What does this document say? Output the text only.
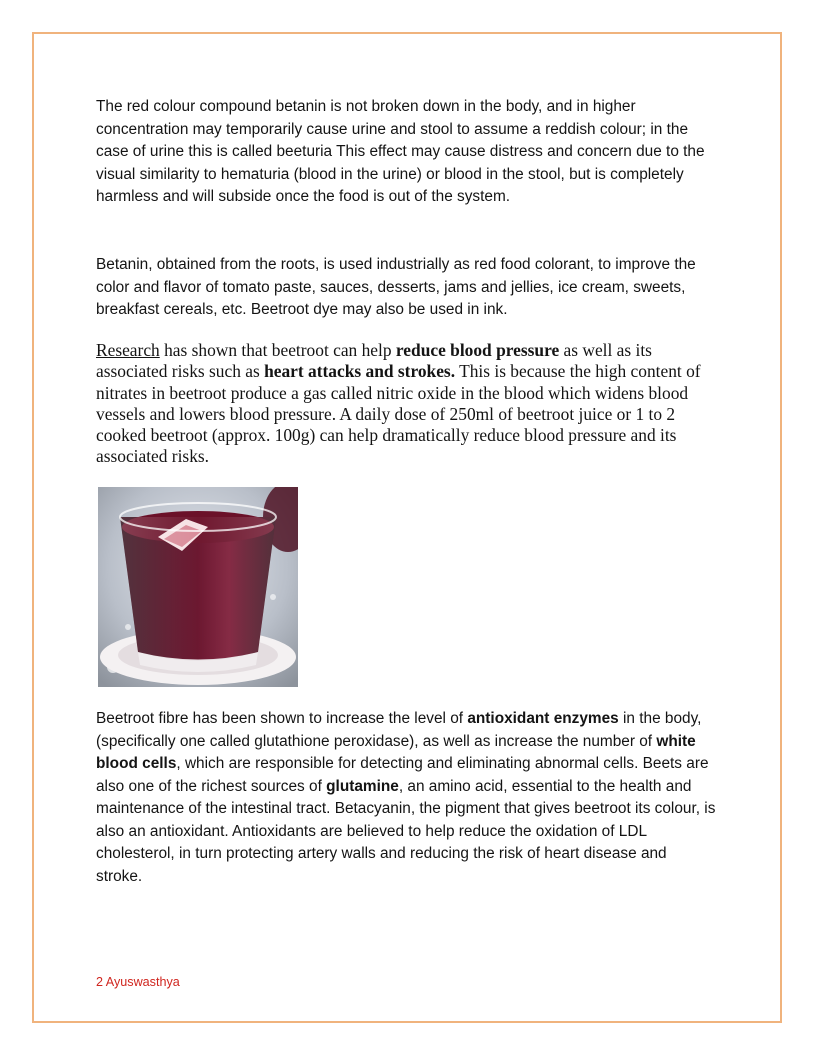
The red colour compound betanin is not broken down in the body, and in higher concentration may temporarily cause urine and stool to assume a reddish colour; in the case of urine this is called beeturia This effect may cause distress and concern due to the visual similarity to hematuria (blood in the urine) or blood in the stool, but is completely harmless and will subside once the food is out of the system.

Betanin, obtained from the roots, is used industrially as red food colorant, to improve the color and flavor of tomato paste, sauces, desserts, jams and jellies, ice cream, sweets, breakfast cereals, etc. Beetroot dye may also be used in ink.

Research has shown that beetroot can help reduce blood pressure as well as its associated risks such as heart attacks and strokes. This is because the high content of nitrates in beetroot produce a gas called nitric oxide in the blood which widens blood vessels and lowers blood pressure. A daily dose of 250ml of beetroot juice or 1 to 2 cooked beetroot (approx. 100g) can help dramatically reduce blood pressure and its associated risks.

Beetroot fibre has been shown to increase the level of antioxidant enzymes in the body, (specifically one called glutathione peroxidase), as well as increase the number of white blood cells, which are responsible for detecting and eliminating abnormal cells. Beets are also one of the richest sources of glutamine, an amino acid, essential to the health and maintenance of the intestinal tract. Betacyanin, the pigment that gives beetroot its colour, is also an antioxidant. Antioxidants are believed to help reduce the oxidation of LDL cholesterol, in turn protecting artery walls and reducing the risk of heart disease and stroke.

2 Ayuswasthya
